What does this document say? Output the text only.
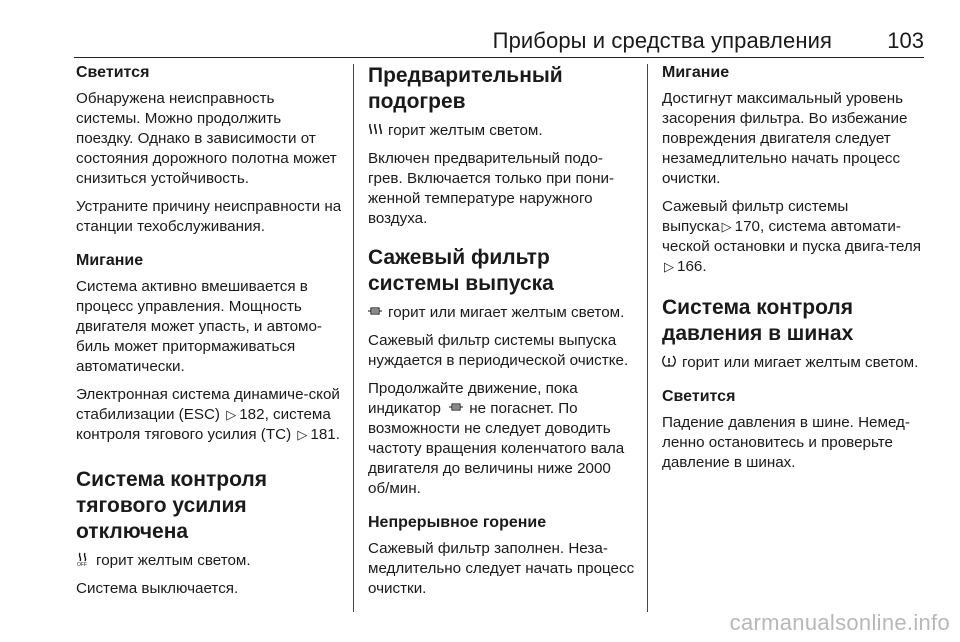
Приборы и средства управления	103
Светится
Обнаружена неисправность системы. Можно продолжить поездку. Однако в зависимости от состояния дорожного полотна может снизиться устойчивость.
Устраните причину неисправности на станции техобслуживания.
Мигание
Система активно вмешивается в процесс управления. Мощность двигателя может упасть, и автомо-биль может притормаживаться автоматически.
Электронная система динамиче-ской стабилизации (ESC) ▷ 182, система контроля тягового усилия (TC) ▷ 181.
Система контроля тягового усилия отключена
OFF горит желтым светом.
Система выключается.
Предварительный подогрев
горит желтым светом.
Включен предварительный подо-грев. Включается только при пони-женной температуре наружного воздуха.
Сажевый фильтр системы выпуска
горит или мигает желтым светом.
Сажевый фильтр системы выпуска нуждается в периодической очистке.
Продолжайте движение, пока индикатор не погаснет. По возможности не следует доводить частоту вращения коленчатого вала двигателя до величины ниже 2000 об/мин.
Непрерывное горение
Сажевый фильтр заполнен. Неза-медлительно следует начать процесс очистки.
Мигание
Достигнут максимальный уровень засорения фильтра. Во избежание повреждения двигателя следует незамедлительно начать процесс очистки.
Сажевый фильтр системы выпуска ▷ 170, система автомати-ческой остановки и пуска двига-теля ▷ 166.
Система контроля давления в шинах
горит или мигает желтым светом.
Светится
Падение давления в шине. Немед-ленно остановитесь и проверьте давление в шинах.
carmanualsonline.info
